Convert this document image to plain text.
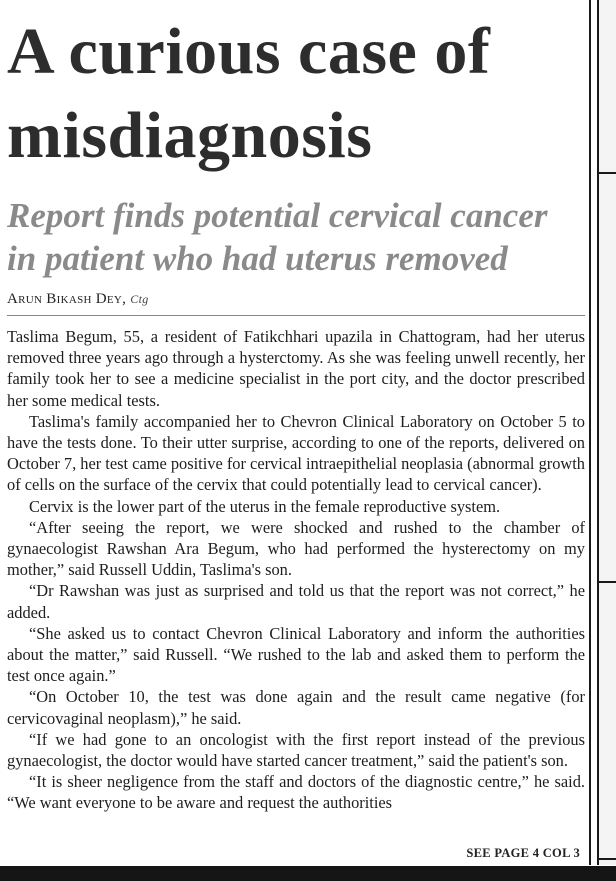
A curious case of misdiagnosis
Report finds potential cervical cancer in patient who had uterus removed
Arun Bikash Dey, Ctg

Taslima Begum, 55, a resident of Fatikchhari upazila in Chattogram, had her uterus removed three years ago through a hysterctomy. As she was feeling unwell recently, her family took her to see a medicine specialist in the port city, and the doctor prescribed her some medical tests.

Taslima's family accompanied her to Chevron Clinical Laboratory on October 5 to have the tests done. To their utter surprise, according to one of the reports, delivered on October 7, her test came positive for cervical intraepithelial neoplasia (abnormal growth of cells on the surface of the cervix that could potentially lead to cervical cancer).

Cervix is the lower part of the uterus in the female reproductive system.

“After seeing the report, we were shocked and rushed to the chamber of gynaecologist Rawshan Ara Begum, who had performed the hysterectomy on my mother,” said Russell Uddin, Taslima's son.

“Dr Rawshan was just as surprised and told us that the report was not correct,” he added.

“She asked us to contact Chevron Clinical Laboratory and inform the authorities about the matter,” said Russell. “We rushed to the lab and asked them to perform the test once again.”

“On October 10, the test was done again and the result came negative (for cervicovaginal neoplasm),” he said.

“If we had gone to an oncologist with the first report instead of the previous gynaecologist, the doctor would have started cancer treatment,” said the patient's son.

“It is sheer negligence from the staff and doctors of the diagnostic centre,” he said. “We want everyone to be aware and request the authorities

SEE PAGE 4 COL 3
